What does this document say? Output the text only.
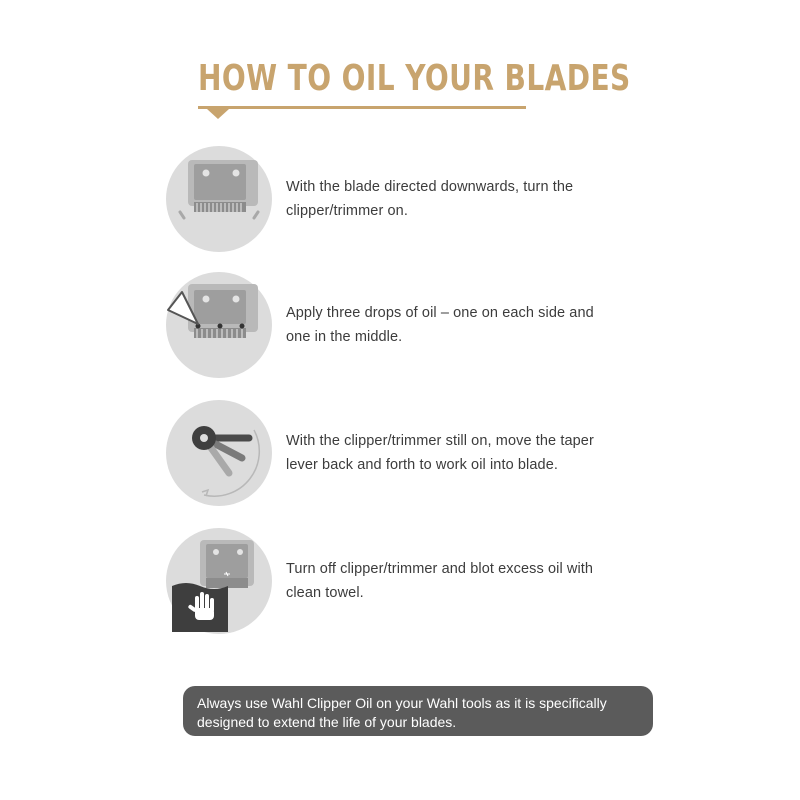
HOW TO OIL YOUR BLADES
With the blade directed downwards, turn the clipper/trimmer on.
Apply three drops of oil – one on each side and one in the middle.
With the clipper/trimmer still on, move the taper lever back and forth to work oil into blade.
Turn off clipper/trimmer and blot excess oil with clean towel.
Always use Wahl Clipper Oil on your Wahl tools as it is specifically designed to extend the life of your blades.
